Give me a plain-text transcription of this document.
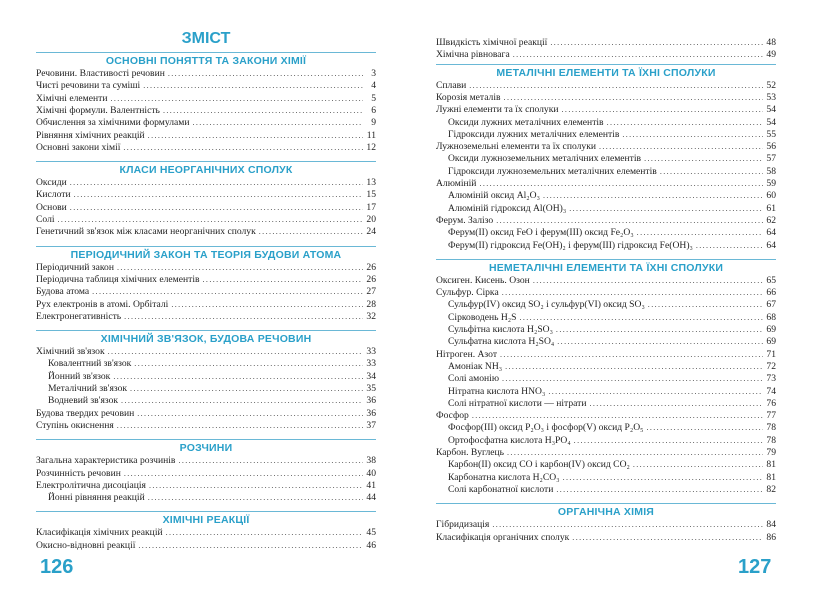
ЗМІСТ
ОСНОВНІ ПОНЯТТЯ ТА ЗАКОНИ ХІМІЇ
Речовини. Властивості речовин .....	3
Чисті речовини та суміші .....	4
Хімічні елементи .....	5
Хімічні формули. Валентність .....	6
Обчислення за хімічними формулами .....	9
Рівняння хімічних реакцій .....	11
Основні закони хімії .....	12
КЛАСИ НЕОРГАНІЧНИХ СПОЛУК
Оксиди .....	13
Кислоти .....	15
Основи .....	17
Солі .....	20
Генетичний зв'язок між класами неорганічних сполук .....	24
ПЕРІОДИЧНИЙ ЗАКОН ТА ТЕОРІЯ БУДОВИ АТОМА
Періодичний закон .....	26
Періодична таблиця хімічних елементів .....	26
Будова атома .....	27
Рух електронів в атомі. Орбіталі .....	28
Електронегативність .....	32
ХІМІЧНИЙ ЗВ'ЯЗОК, БУДОВА РЕЧОВИН
Хімічний зв'язок .....	33
Ковалентний зв'язок .....	33
Йонний зв'язок .....	34
Металічний зв'язок .....	35
Водневий зв'язок .....	36
Будова твердих речовин .....	36
Ступінь окиснення .....	37
РОЗЧИНИ
Загальна характеристика розчинів .....	38
Розчинність речовин .....	40
Електролітична дисоціація .....	41
Йонні рівняння реакцій .....	44
ХІМІЧНІ РЕАКЦІЇ
Класифікація хімічних реакцій .....	45
Окисно-відновні реакції .....	46
Швидкість хімічної реакції .....	48
Хімічна рівновага .....	49
МЕТАЛІЧНІ ЕЛЕМЕНТИ ТА ЇХНІ СПОЛУКИ
Сплави .....	52
Корозія металів .....	53
Лужні елементи та їх сполуки .....	54
Оксиди лужних металічних елементів .....	54
Гідроксиди лужних металічних елементів .....	55
Лужноземельні елементи та їх сполуки .....	56
Оксиди лужноземельних металічних елементів .....	57
Гідроксиди лужноземельних металічних елементів .....	58
Алюміній .....	59
Алюміній оксид Al₂O₃ .....	60
Алюміній гідроксид Al(OH)₃ .....	61
Ферум. Залізо .....	62
Ферум(II) оксид FeO і ферум(III) оксид Fe₂O₃ .....	64
Ферум(II) гідроксид Fe(OH)₂ і ферум(III) гідроксид Fe(OH)₃ .....	64
НЕМЕТАЛІЧНІ ЕЛЕМЕНТИ ТА ЇХНІ СПОЛУКИ
Оксиген. Кисень. Озон .....	65
Сульфур. Сірка .....	66
Сульфур(IV) оксид SO₂ і сульфур(VI) оксид SO₃ .....	67
Сірководень H₂S .....	68
Сульфітна кислота H₂SO₃ .....	69
Сульфатна кислота H₂SO₄ .....	69
Нітроген. Азот .....	71
Амоніак NH₃ .....	72
Солі амонію .....	73
Нітратна кислота HNO₃ .....	74
Солі нітратної кислоти — нітрати .....	76
Фосфор .....	77
Фосфор(III) оксид P₂O₃ і фосфор(V) оксид P₂O₅ .....	78
Ортофосфатна кислота H₃PO₄ .....	78
Карбон. Вуглець .....	79
Карбон(II) оксид CO і карбон(IV) оксид CO₂ .....	81
Карбонатна кислота H₂CO₃ .....	81
Солі карбонатної кислоти .....	82
ОРГАНІЧНА ХІМІЯ
Гібридизація .....	84
Класифікація органічних сполук .....	86
126	127
